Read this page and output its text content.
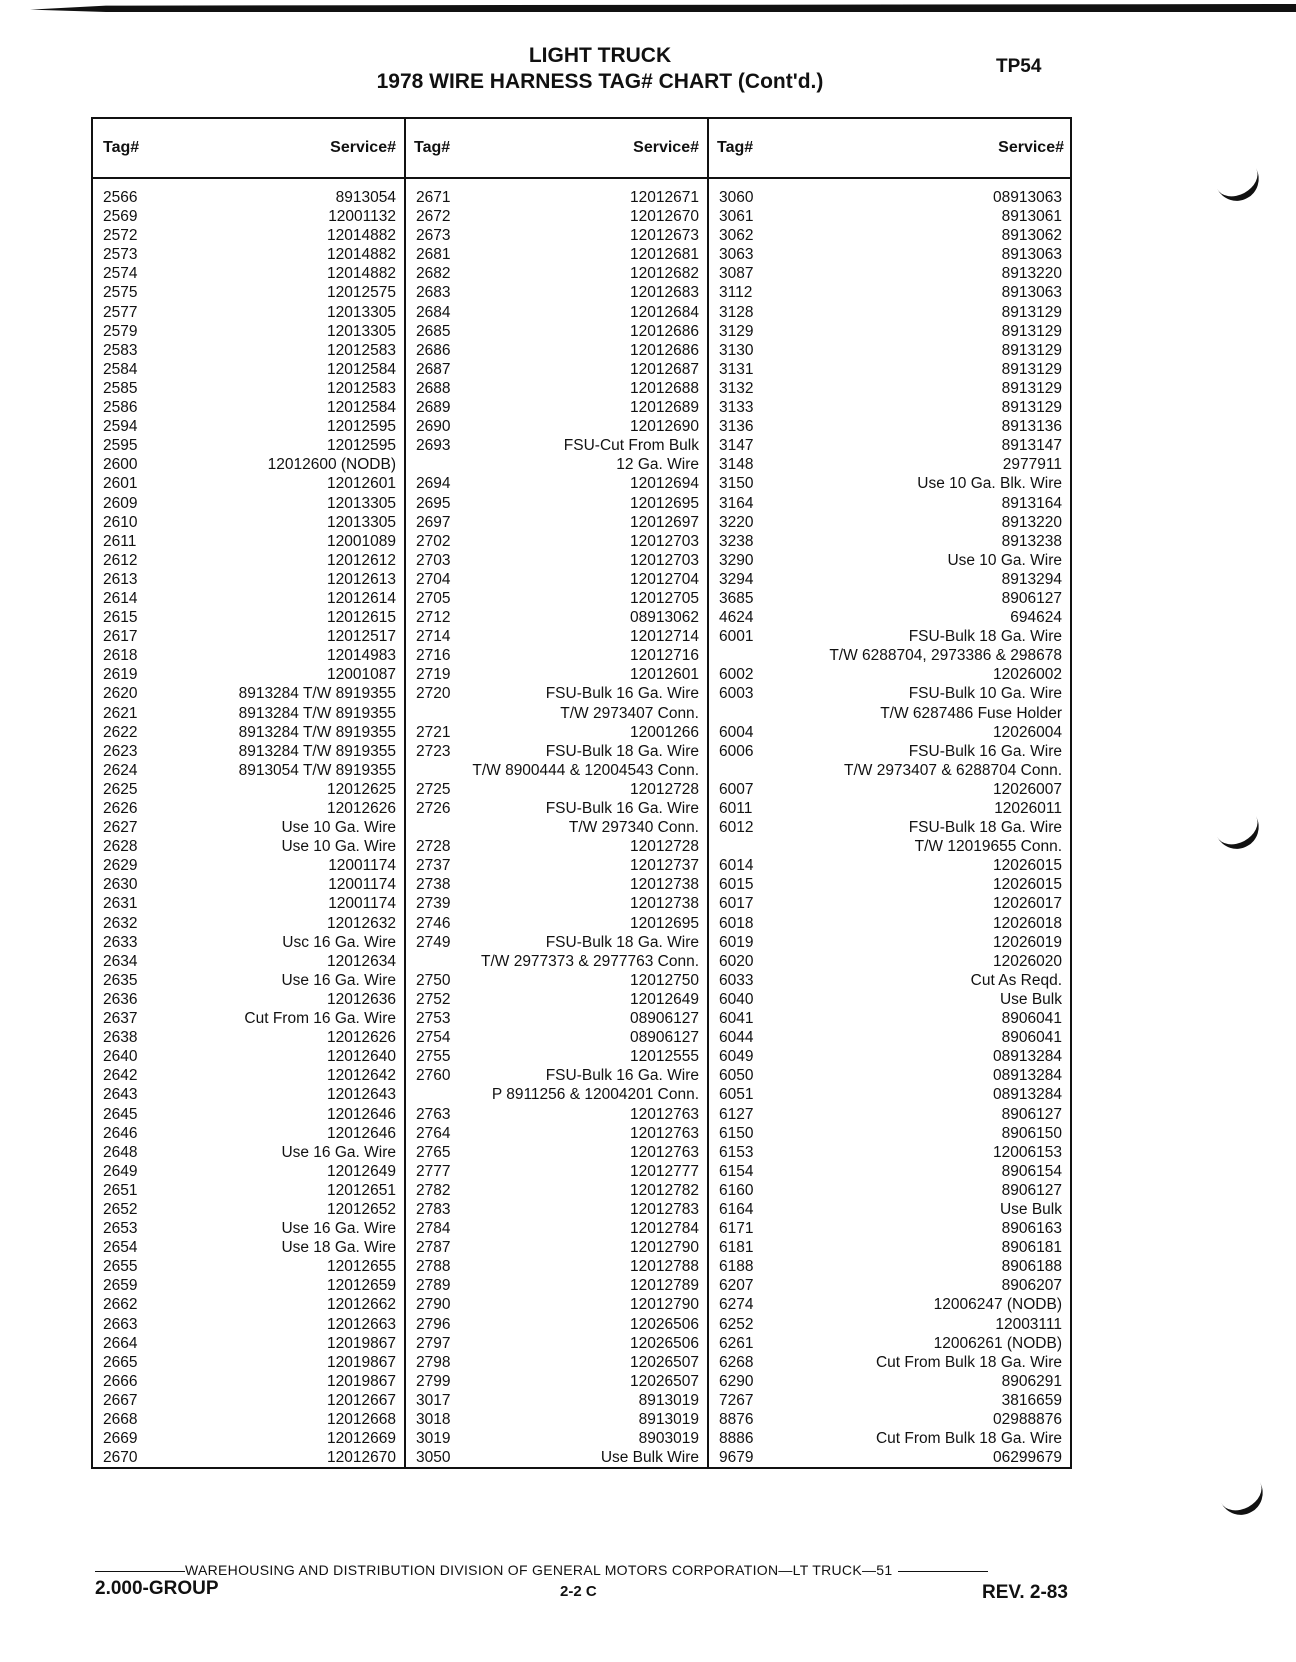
LIGHT TRUCK
1978 WIRE HARNESS TAG# CHART (Cont'd.)
TP54
Tag#	Service#
2566	8913054
2569	12001132
2572	12014882
2573	12014882
2574	12014882
2575	12012575
2577	12013305
2579	12013305
2583	12012583
2584	12012584
2585	12012583
2586	12012584
2594	12012595
2595	12012595
2600	12012600 (NODB)
2601	12012601
2609	12013305
2610	12013305
2611	12001089
2612	12012612
2613	12012613
2614	12012614
2615	12012615
2617	12012517
2618	12014983
2619	12001087
2620	8913284 T/W 8919355
2621	8913284 T/W 8919355
2622	8913284 T/W 8919355
2623	8913284 T/W 8919355
2624	8913054 T/W 8919355
2625	12012625
2626	12012626
2627	Use 10 Ga. Wire
2628	Use 10 Ga. Wire
2629	12001174
2630	12001174
2631	12001174
2632	12012632
2633	Usc 16 Ga. Wire
2634	12012634
2635	Use 16 Ga. Wire
2636	12012636
2637	Cut From 16 Ga. Wire
2638	12012626
2640	12012640
2642	12012642
2643	12012643
2645	12012646
2646	12012646
2648	Use 16 Ga. Wire
2649	12012649
2651	12012651
2652	12012652
2653	Use 16 Ga. Wire
2654	Use 18 Ga. Wire
2655	12012655
2659	12012659
2662	12012662
2663	12012663
2664	12019867
2665	12019867
2666	12019867
2667	12012667
2668	12012668
2669	12012669
2670	12012670
Tag#	Service#
2671	12012671
2672	12012670
2673	12012673
2681	12012681
2682	12012682
2683	12012683
2684	12012684
2685	12012686
2686	12012686
2687	12012687
2688	12012688
2689	12012689
2690	12012690
2693	FSU-Cut From Bulk
12 Ga. Wire
2694	12012694
2695	12012695
2697	12012697
2702	12012703
2703	12012703
2704	12012704
2705	12012705
2712	08913062
2714	12012714
2716	12012716
2719	12012601
2720	FSU-Bulk 16 Ga. Wire
T/W 2973407 Conn.
2721	12001266
2723	FSU-Bulk 18 Ga. Wire
T/W 8900444 & 12004543 Conn.
2725	12012728
2726	FSU-Bulk 16 Ga. Wire
T/W 297340 Conn.
2728	12012728
2737	12012737
2738	12012738
2739	12012738
2746	12012695
2749	FSU-Bulk 18 Ga. Wire
T/W 2977373 & 2977763 Conn.
2750	12012750
2752	12012649
2753	08906127
2754	08906127
2755	12012555
2760	FSU-Bulk 16 Ga. Wire
P 8911256 & 12004201 Conn.
2763	12012763
2764	12012763
2765	12012763
2777	12012777
2782	12012782
2783	12012783
2784	12012784
2787	12012790
2788	12012788
2789	12012789
2790	12012790
2796	12026506
2797	12026506
2798	12026507
2799	12026507
3017	8913019
3018	8913019
3019	8903019
3050	Use Bulk Wire
Tag#	Service#
3060	08913063
3061	8913061
3062	8913062
3063	8913063
3087	8913220
3112	8913063
3128	8913129
3129	8913129
3130	8913129
3131	8913129
3132	8913129
3133	8913129
3136	8913136
3147	8913147
3148	2977911
3150	Use 10 Ga. Blk. Wire
3164	8913164
3220	8913220
3238	8913238
3290	Use 10 Ga. Wire
3294	8913294
3685	8906127
4624	694624
6001	FSU-Bulk 18 Ga. Wire
T/W 6288704, 2973386 & 298678
6002	12026002
6003	FSU-Bulk 10 Ga. Wire
T/W 6287486 Fuse Holder
6004	12026004
6006	FSU-Bulk 16 Ga. Wire
T/W 2973407 & 6288704 Conn.
6007	12026007
6011	12026011
6012	FSU-Bulk 18 Ga. Wire
T/W 12019655 Conn.
6014	12026015
6015	12026015
6017	12026017
6018	12026018
6019	12026019
6020	12026020
6033	Cut As Reqd.
6040	Use Bulk
6041	8906041
6044	8906041
6049	08913284
6050	08913284
6051	08913284
6127	8906127
6150	8906150
6153	12006153
6154	8906154
6160	8906127
6164	Use Bulk
6171	8906163
6181	8906181
6188	8906188
6207	8906207
6274	12006247 (NODB)
6252	12003111
6261	12006261 (NODB)
6268	Cut From Bulk 18 Ga. Wire
6290	8906291
7267	3816659
8876	02988876
8886	Cut From Bulk 18 Ga. Wire
9679	06299679
WAREHOUSING AND DISTRIBUTION DIVISION OF GENERAL MOTORS CORPORATION—LT TRUCK—51
2.000-GROUP	2-2 C	REV. 2-83
